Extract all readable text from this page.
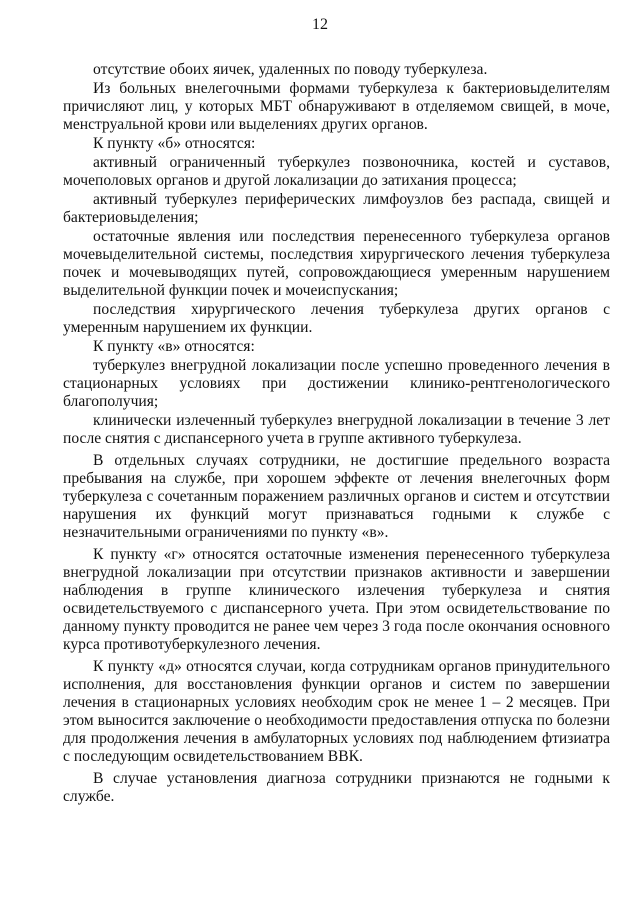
12

отсутствие обоих яичек, удаленных по поводу туберкулеза.

Из больных внелегочными формами туберкулеза к бактериовыделителям причисляют лиц, у которых МБТ обнаруживают в отделяемом свищей, в моче, менструальной крови или выделениях других органов.

К пункту «б» относятся:

активный ограниченный туберкулез позвоночника, костей и суставов, мочеполовых органов и другой локализации до затихания процесса;

активный туберкулез периферических лимфоузлов без распада, свищей и бактериовыделения;

остаточные явления или последствия перенесенного туберкулеза органов мочевыделительной системы, последствия хирургического лечения туберкулеза почек и мочевыводящих путей, сопровождающиеся умеренным нарушением выделительной функции почек и мочеиспускания;

последствия хирургического лечения туберкулеза других органов с умеренным нарушением их функции.

К пункту «в» относятся:

туберкулез внегрудной локализации после успешно проведенного лечения в стационарных условиях при достижении клинико-рентгенологического благополучия;

клинически излеченный туберкулез внегрудной локализации в течение 3 лет после снятия с диспансерного учета в группе активного туберкулеза.

В отдельных случаях сотрудники, не достигшие предельного возраста пребывания на службе, при хорошем эффекте от лечения внелегочных форм туберкулеза с сочетанным поражением различных органов и систем и отсутствии нарушения их функций могут признаваться годными к службе с незначительными ограничениями по пункту «в».

К пункту «г» относятся остаточные изменения перенесенного туберкулеза внегрудной локализации при отсутствии признаков активности и завершении наблюдения в группе клинического излечения туберкулеза и снятия освидетельствуемого с диспансерного учета. При этом освидетельствование по данному пункту проводится не ранее чем через 3 года после окончания основного курса противотуберкулезного лечения.

К пункту «д» относятся случаи, когда сотрудникам органов принудительного исполнения, для восстановления функции органов и систем по завершении лечения в стационарных условиях необходим срок не менее 1 – 2 месяцев. При этом выносится заключение о необходимости предоставления отпуска по болезни для продолжения лечения в амбулаторных условиях под наблюдением фтизиатра с последующим освидетельствованием ВВК.

В случае установления диагноза сотрудники признаются не годными к службе.
